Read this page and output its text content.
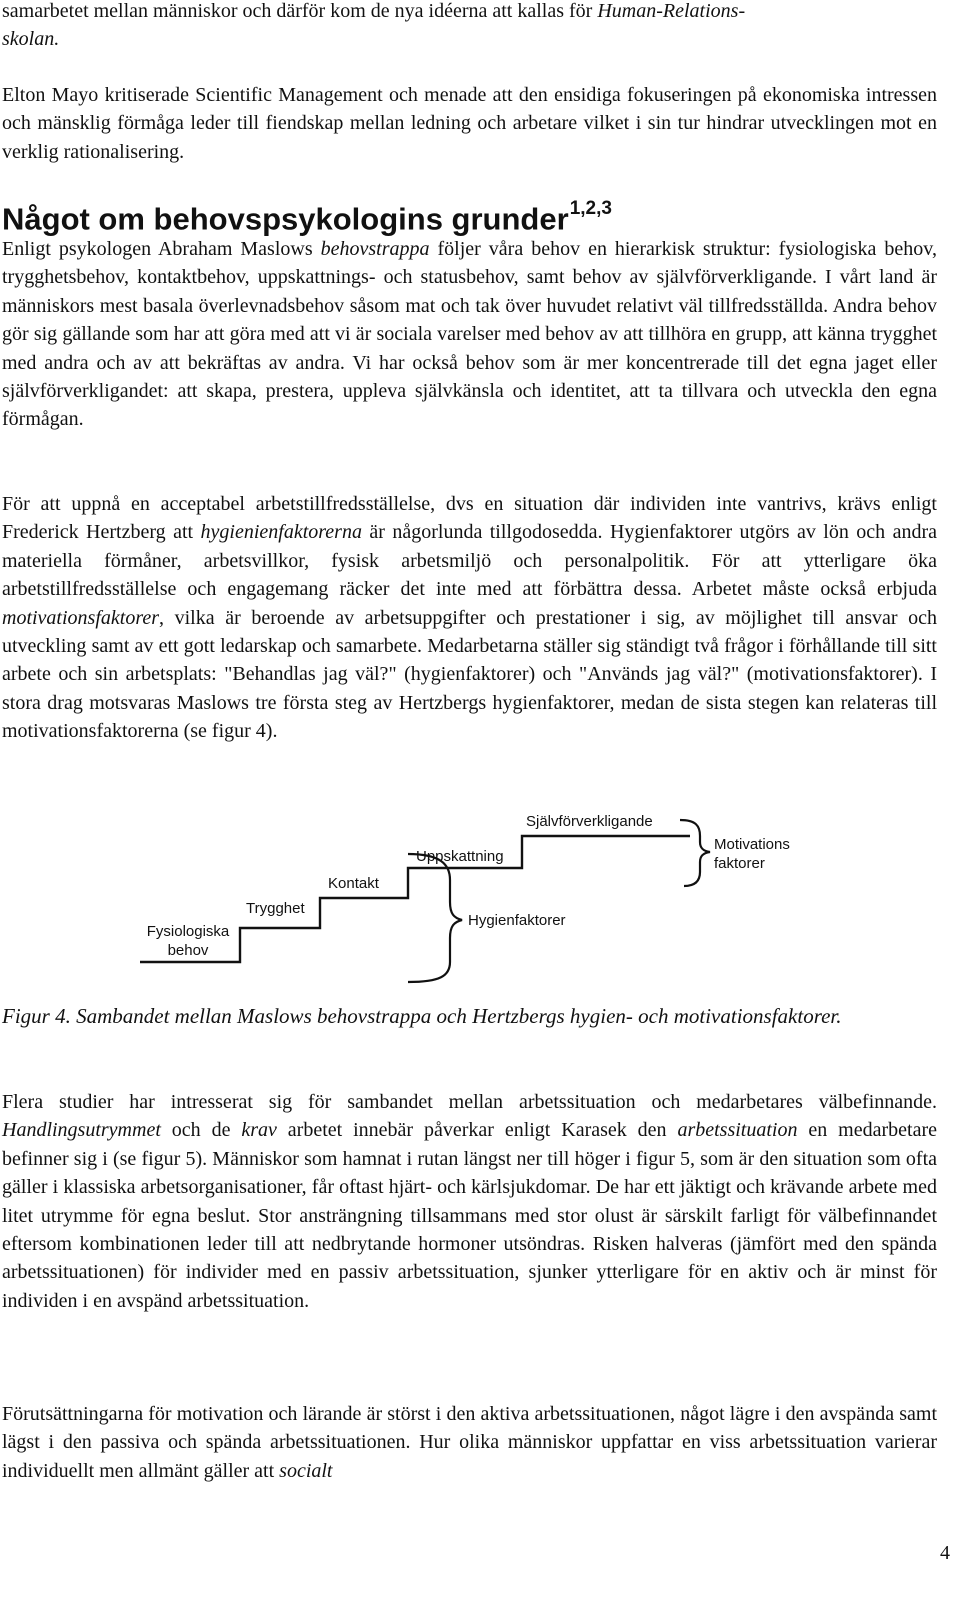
samarbetet mellan människor och därför kom de nya idéerna att kallas för Human-Relations-
skolan.

Elton Mayo kritiserade Scientific Management och menade att den ensidiga fokuseringen på ekonomiska intressen och mänsklig förmåga leder till fiendskap mellan ledning och arbetare vilket i sin tur hindrar utvecklingen mot en verklig rationalisering.

Något om behovspsykologins grunder$^{1,2,3}$

Enligt psykologen Abraham Maslows behovstrappa följer våra behov en hierarkisk struktur: fysiologiska behov, trygghetsbehov, kontaktbehov, uppskattnings- och statusbehov, samt behov av självförverkligande. I vårt land är människors mest basala överlevnadsbehov såsom mat och tak över huvudet relativt väl tillfredsställda. Andra behov gör sig gällande som har att göra med att vi är sociala varelser med behov av att tillhöra en grupp, att känna trygghet med andra och av att bekräftas av andra. Vi har också behov som är mer koncentrerade till det egna jaget eller självförverkligandet: att skapa, prestera, uppleva självkänsla och identitet, att ta tillvara och utveckla den egna förmågan.

För att uppnå en acceptabel arbetstillfredsställelse, dvs en situation där individen inte vantrivs, krävs enligt Frederick Hertzberg att hygienienfaktorerna är någorlunda tillgodosedda. Hygienfaktorer utgörs av lön och andra materiella förmåner, arbetsvillkor, fysisk arbetsmiljö och personalpolitik. För att ytterligare öka arbetstillfredsställelse och engagemang räcker det inte med att förbättra dessa. Arbetet måste också erbjuda motivationsfaktorer, vilka är beroende av arbetsuppgifter och prestationer i sig, av möjlighet till ansvar och utveckling samt av ett gott ledarskap och samarbete. Medarbetarna ställer sig ständigt två frågor i förhållande till sitt arbete och sin arbetsplats: "Behandlas jag väl?" (hygienfaktorer) och "Används jag väl?" (motivationsfaktorer). I stora drag motsvaras Maslows tre första steg av Hertzbergs hygienfaktorer, medan de sista stegen kan relateras till motivationsfaktorerna (se figur 4).

Fysiologiska
behov
Trygghet
Kontakt
Uppskattning
Självförverkligande
Hygienfaktorer
Motivations
faktorer

Figur 4. Sambandet mellan Maslows behovstrappa och Hertzbergs hygien- och motivationsfaktorer.

Flera studier har intresserat sig för sambandet mellan arbetssituation och medarbetares välbefinnande. Handlingsutrymmet och de krav arbetet innebär påverkar enligt Karasek den arbetssituation en medarbetare befinner sig i (se figur 5). Människor som hamnat i rutan längst ner till höger i figur 5, som är den situation som ofta gäller i klassiska arbetsorganisationer, får oftast hjärt- och kärlsjukdomar. De har ett jäktigt och krävande arbete med litet utrymme för egna beslut. Stor ansträngning tillsammans med stor olust är särskilt farligt för välbefinnandet eftersom kombinationen leder till att nedbrytande hormoner utsöndras. Risken halveras (jämfört med den spända arbetssituationen) för individer med en passiv arbetssituation, sjunker ytterligare för en aktiv och är minst för individen i en avspänd arbetssituation.

Förutsättningarna för motivation och lärande är störst i den aktiva arbetssituationen, något lägre i den avspända samt lägst i den passiva och spända arbetssituationen. Hur olika människor uppfattar en viss arbetssituation varierar individuellt men allmänt gäller att socialt

4
